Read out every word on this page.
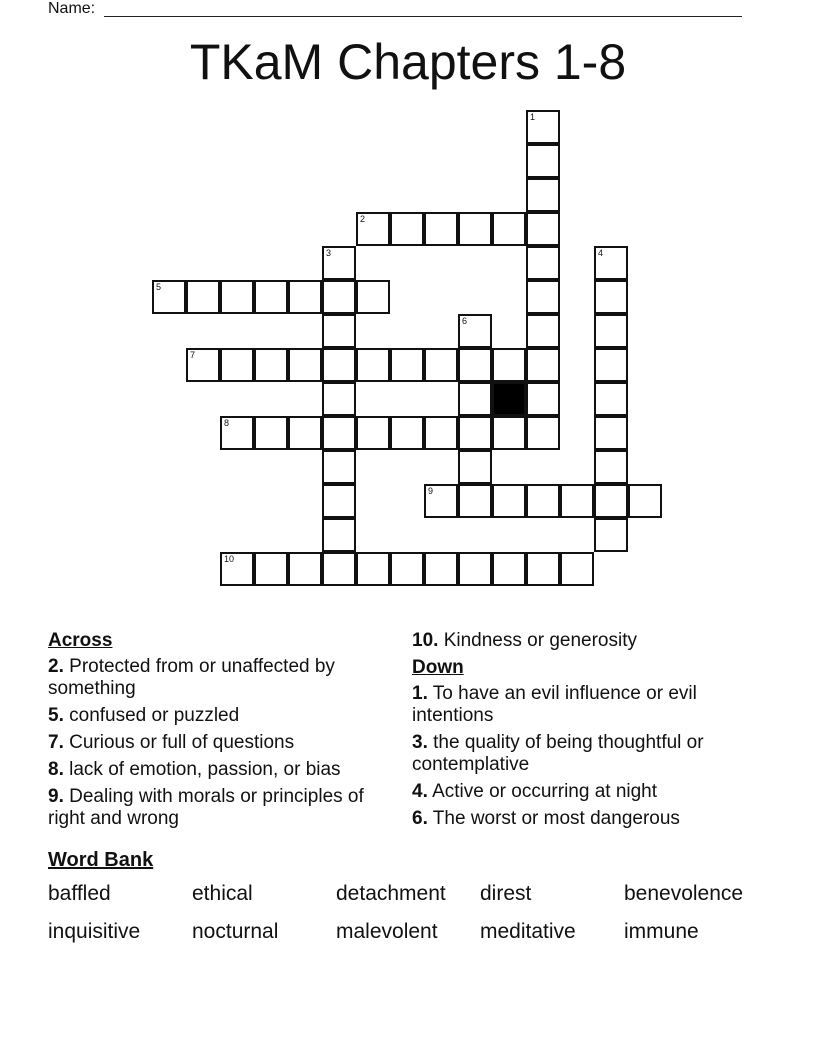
Name:
TKaM Chapters 1-8
1
2
3	4
5
6
7
8
9
10
Across
2. Protected from or unaffected by something
5. confused or puzzled
7. Curious or full of questions
8. lack of emotion, passion, or bias
9. Dealing with morals or principles of right and wrong
10. Kindness or generosity
Down
1. To have an evil influence or evil intentions
3. the quality of being thoughtful or contemplative
4. Active or occurring at night
6. The worst or most dangerous
Word Bank
baffled	ethical	detachment	direst	benevolence
inquisitive	nocturnal	malevolent	meditative	immune
